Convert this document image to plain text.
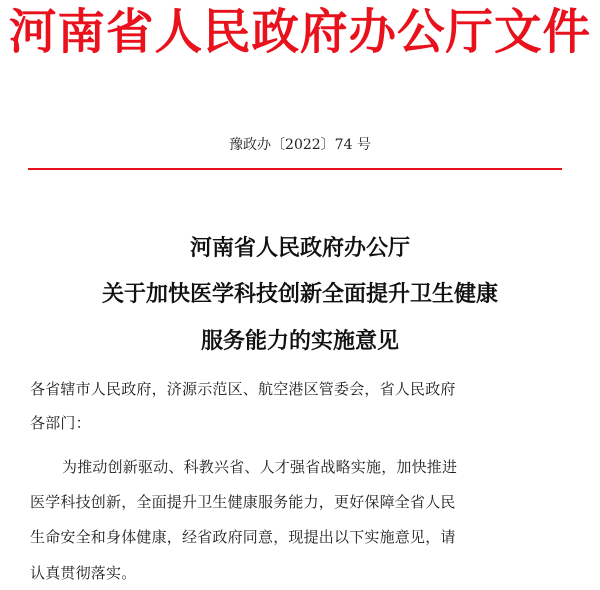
河南省人民政府办公厅文件
豫政办〔2022〕74 号
河南省人民政府办公厅
关于加快医学科技创新全面提升卫生健康
服务能力的实施意见
各省辖市人民政府，济源示范区、航空港区管委会，省人民政府
各部门：
为推动创新驱动、科教兴省、人才强省战略实施，加快推进
医学科技创新，全面提升卫生健康服务能力，更好保障全省人民
生命安全和身体健康，经省政府同意，现提出以下实施意见，请
认真贯彻落实。
